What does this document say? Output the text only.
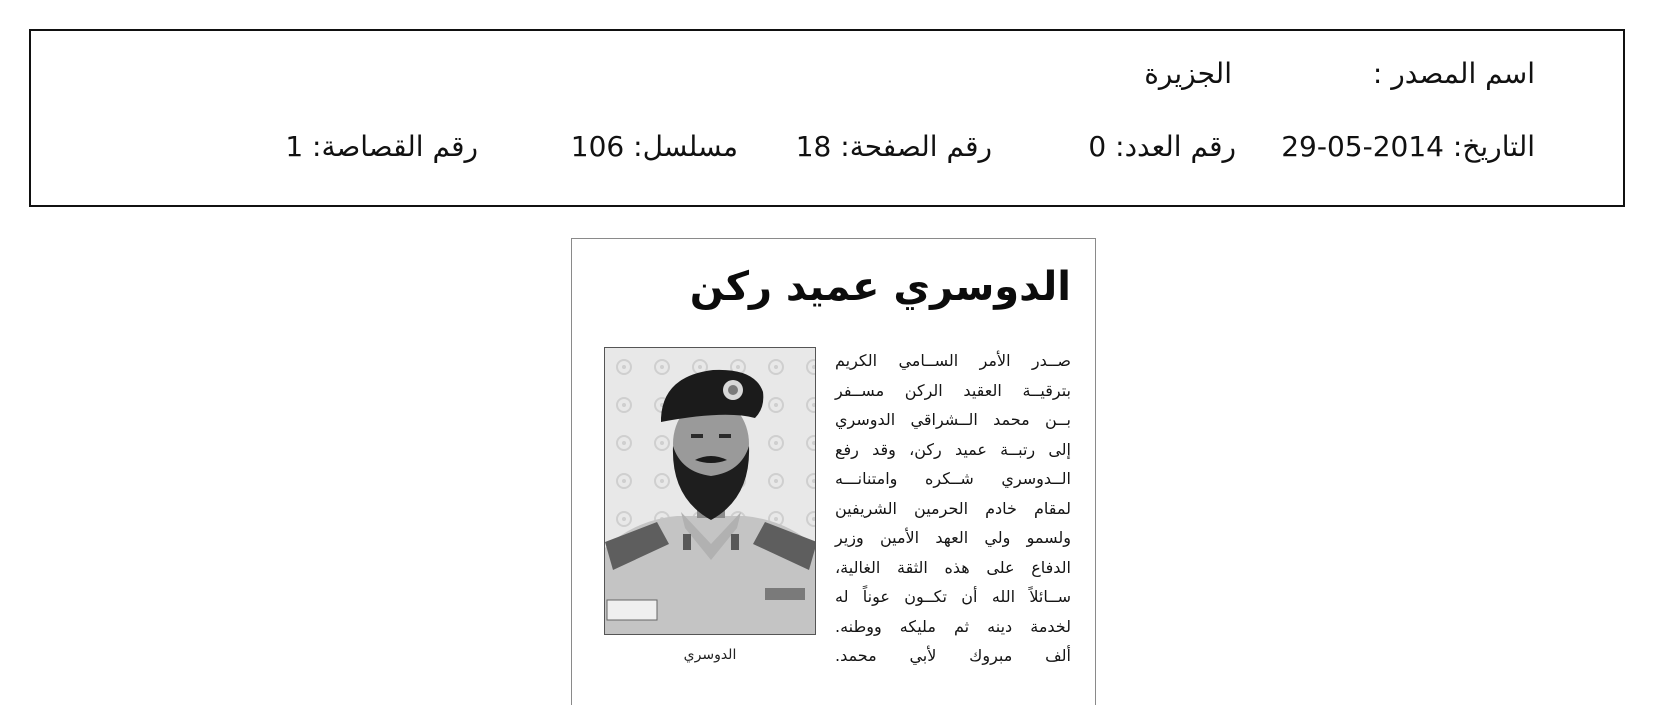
اسم المصدر :
الجزيرة
التاريخ: 2014-05-29
رقم العدد: 0
رقم الصفحة: 18
مسلسل: 106
رقم القصاصة: 1
الدوسري عميد ركن
صــدر الأمر الســامي الكريم
بترقيــة العقيد الركن مســفر
بــن محمد الــشراقي الدوسري
إلى رتبــة عميد ركن، وقد رفع
الــدوسري شــكره وامتنانـــه
لمقام خادم الحرمين الشريفين
ولسمو ولي العهد الأمين وزير
الدفاع على هذه الثقة الغالية،
ســائلاً الله أن تكــون عوناً له
لخدمة دينه ثم مليكه ووطنه.
ألف مبروك لأبي محمد.
الدوسري
